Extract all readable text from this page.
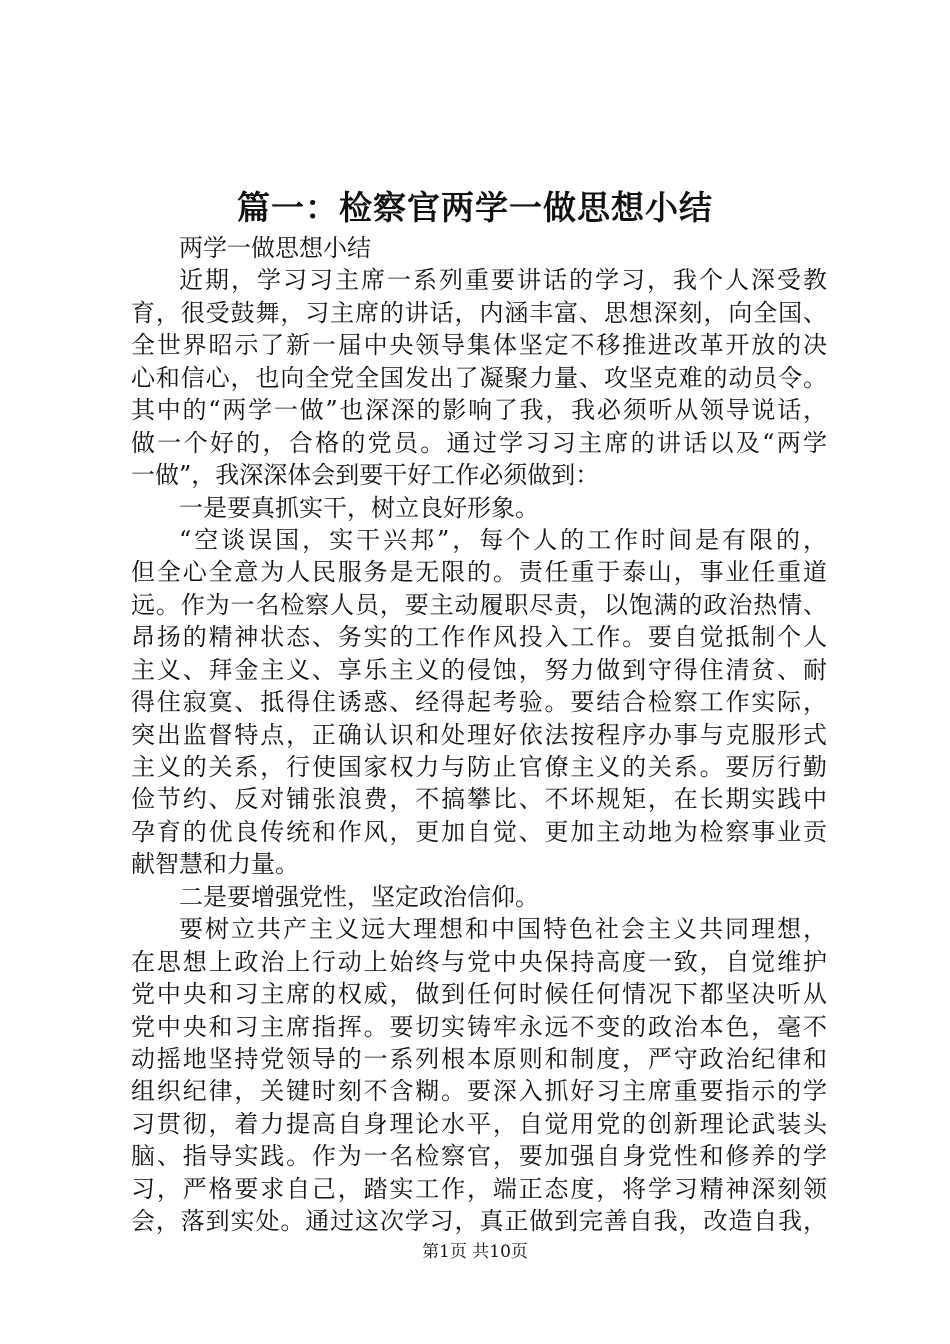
篇一：检察官两学一做思想小结
两学一做思想小结
近期，学习习主席一系列重要讲话的学习，我个人深受教
育，很受鼓舞，习主席的讲话，内涵丰富、思想深刻，向全国、
全世界昭示了新一届中央领导集体坚定不移推进改革开放的决
心和信心，也向全党全国发出了凝聚力量、攻坚克难的动员令。
其中的“两学一做”也深深的影响了我，我必须听从领导说话，
做一个好的，合格的党员。通过学习习主席的讲话以及“两学
一做”，我深深体会到要干好工作必须做到：
一是要真抓实干，树立良好形象。
“空谈误国，实干兴邦”，每个人的工作时间是有限的，
但全心全意为人民服务是无限的。责任重于泰山，事业任重道
远。作为一名检察人员，要主动履职尽责，以饱满的政治热情、
昂扬的精神状态、务实的工作作风投入工作。要自觉抵制个人
主义、拜金主义、享乐主义的侵蚀，努力做到守得住清贫、耐
得住寂寞、抵得住诱惑、经得起考验。要结合检察工作实际，
突出监督特点，正确认识和处理好依法按程序办事与克服形式
主义的关系，行使国家权力与防止官僚主义的关系。要厉行勤
俭节约、反对铺张浪费，不搞攀比、不坏规矩，在长期实践中
孕育的优良传统和作风，更加自觉、更加主动地为检察事业贡
献智慧和力量。
二是要增强党性，坚定政治信仰。
要树立共产主义远大理想和中国特色社会主义共同理想，
在思想上政治上行动上始终与党中央保持高度一致，自觉维护
党中央和习主席的权威，做到任何时候任何情况下都坚决听从
党中央和习主席指挥。要切实铸牢永远不变的政治本色，毫不
动摇地坚持党领导的一系列根本原则和制度，严守政治纪律和
组织纪律，关键时刻不含糊。要深入抓好习主席重要指示的学
习贯彻，着力提高自身理论水平，自觉用党的创新理论武装头
脑、指导实践。作为一名检察官，要加强自身党性和修养的学
习，严格要求自己，踏实工作，端正态度，将学习精神深刻领
会，落到实处。通过这次学习，真正做到完善自我，改造自我，
第1页 共10页
